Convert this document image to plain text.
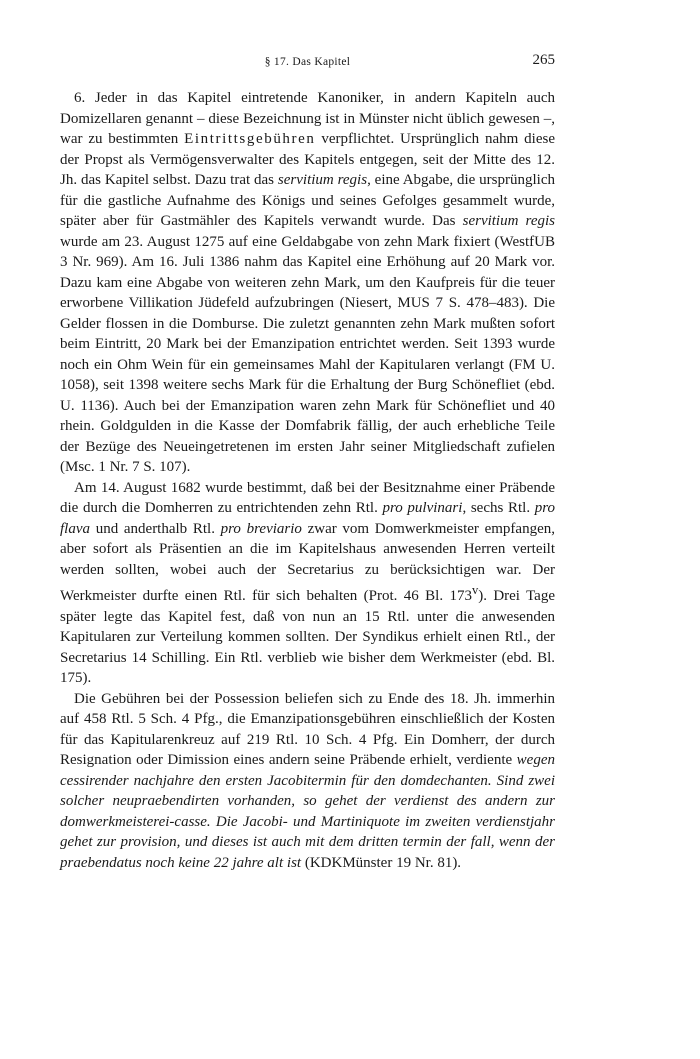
§ 17. Das Kapitel	265

6. Jeder in das Kapitel eintretende Kanoniker, in andern Kapiteln auch Domizellaren genannt – diese Bezeichnung ist in Münster nicht üblich gewesen –, war zu bestimmten Eintrittsgebühren verpflichtet. Ursprünglich nahm diese der Propst als Vermögensverwalter des Kapitels entgegen, seit der Mitte des 12. Jh. das Kapitel selbst. Dazu trat das servitium regis, eine Abgabe, die ursprünglich für die gastliche Aufnahme des Königs und seines Gefolges gesammelt wurde, später aber für Gastmähler des Kapitels verwandt wurde. Das servitium regis wurde am 23. August 1275 auf eine Geldabgabe von zehn Mark fixiert (WestfUB 3 Nr. 969). Am 16. Juli 1386 nahm das Kapitel eine Erhöhung auf 20 Mark vor. Dazu kam eine Abgabe von weiteren zehn Mark, um den Kaufpreis für die teuer erworbene Villikation Jüdefeld aufzubringen (Niesert, MUS 7 S. 478–483). Die Gelder flossen in die Domburse. Die zuletzt genannten zehn Mark mußten sofort beim Eintritt, 20 Mark bei der Emanzipation entrichtet werden. Seit 1393 wurde noch ein Ohm Wein für ein gemeinsames Mahl der Kapitularen verlangt (FM U. 1058), seit 1398 weitere sechs Mark für die Erhaltung der Burg Schönefliet (ebd. U. 1136). Auch bei der Emanzipation waren zehn Mark für Schönefliet und 40 rhein. Goldgulden in die Kasse der Domfabrik fällig, der auch erhebliche Teile der Bezüge des Neueingetretenen im ersten Jahr seiner Mitgliedschaft zufielen (Msc. 1 Nr. 7 S. 107).

Am 14. August 1682 wurde bestimmt, daß bei der Besitznahme einer Präbende die durch die Domherren zu entrichtenden zehn Rtl. pro pulvinari, sechs Rtl. pro flava und anderthalb Rtl. pro breviario zwar vom Domwerkmeister empfangen, aber sofort als Präsentien an die im Kapitelshaus anwesenden Herren verteilt werden sollten, wobei auch der Secretarius zu berücksichtigen war. Der Werkmeister durfte einen Rtl. für sich behalten (Prot. 46 Bl. 173$^v$). Drei Tage später legte das Kapitel fest, daß von nun an 15 Rtl. unter die anwesenden Kapitularen zur Verteilung kommen sollten. Der Syndikus erhielt einen Rtl., der Secretarius 14 Schilling. Ein Rtl. verblieb wie bisher dem Werkmeister (ebd. Bl. 175).

Die Gebühren bei der Possession beliefen sich zu Ende des 18. Jh. immerhin auf 458 Rtl. 5 Sch. 4 Pfg., die Emanzipationsgebühren einschließlich der Kosten für das Kapitularenkreuz auf 219 Rtl. 10 Sch. 4 Pfg. Ein Domherr, der durch Resignation oder Dimission eines andern seine Präbende erhielt, verdiente wegen cessirender nachjahre den ersten Jacobitermin für den domdechanten. Sind zwei solcher neupraebendirten vorhanden, so gehet der verdienst des andern zur domwerkmeisterei-casse. Die Jacobi- und Martiniquote im zweiten verdienstjahr gehet zur provision, und dieses ist auch mit dem dritten termin der fall, wenn der praebendatus noch keine 22 jahre alt ist (KDKMünster 19 Nr. 81).
